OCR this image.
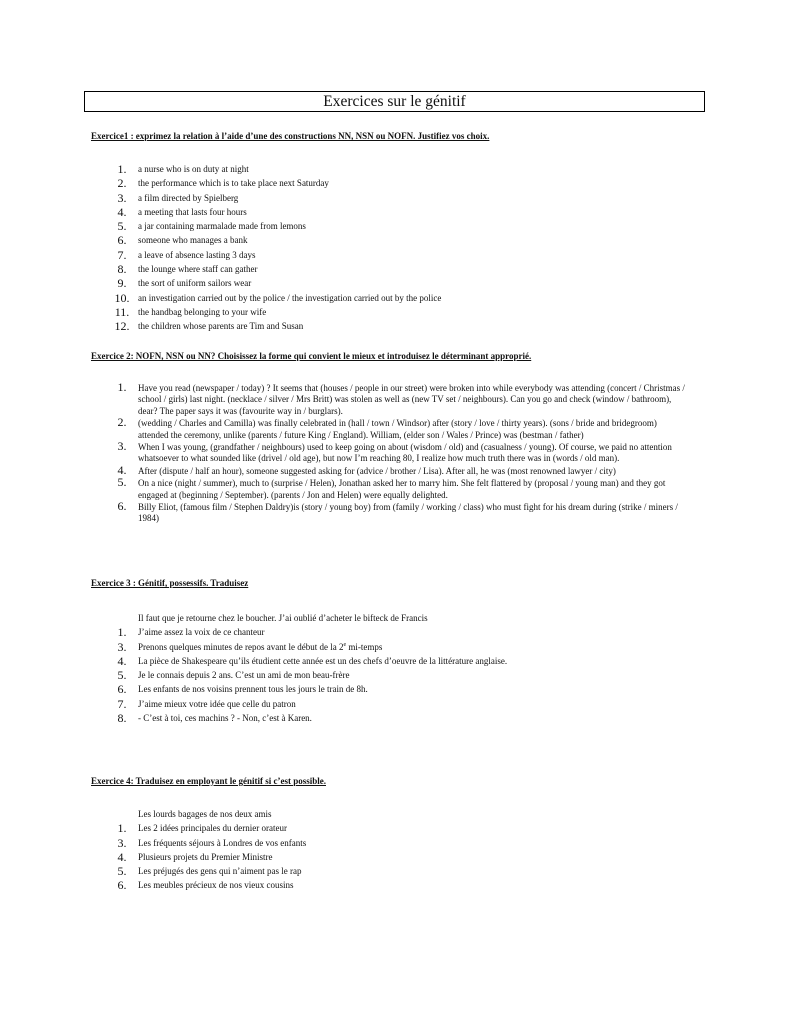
Exercices sur le génitif
Exercice1 : exprimez la relation à l’aide d’une des constructions NN, NSN ou NOFN. Justifiez vos choix.
1.	a nurse who is on duty at night
2.	the performance which is to take place next Saturday
3.	a film directed by Spielberg
4.	a meeting that lasts four hours
5.	a jar containing marmalade made from lemons
6.	someone who manages a bank
7.	a leave of absence lasting 3 days
8.	the lounge where staff can gather
9.	the sort of uniform sailors wear
10. an investigation carried out by the police / the investigation carried out by the police
11. the handbag belonging to your wife
12. the children whose parents are Tim and Susan
Exercice 2: NOFN, NSN ou NN? Choisissez la forme qui convient le mieux et introduisez le déterminant approprié.
1.	Have you read (newspaper / today) ? It seems that (houses / people in our street) were broken into while everybody was attending (concert / Christmas / school / girls) last night. (necklace / silver / Mrs Britt) was stolen as well as (new TV set / neighbours). Can you go and check (window / bathroom), dear? The paper says it was (favourite way in / burglars).
2.	(wedding / Charles and Camilla) was finally celebrated in (hall / town / Windsor) after (story / love / thirty years). (sons / bride and bridegroom) attended the ceremony, unlike (parents / future King / England). William, (elder son / Wales / Prince) was (bestman / father)
3.	When I was young, (grandfather / neighbours) used to keep going on about (wisdom / old) and (casualness / young). Of course, we paid no attention whatsoever to what sounded like (drivel / old age), but now I’m reaching 80, I realize how much truth there was in (words / old man).
4.	After (dispute / half an hour), someone suggested asking for (advice / brother / Lisa). After all, he was (most renowned lawyer / city)
5.	On a nice (night / summer), much to (surprise / Helen), Jonathan asked her to marry him. She felt flattered by (proposal / young man) and they got engaged at (beginning / September). (parents / Jon and Helen) were equally delighted.
6.	Billy Eliot, (famous film / Stephen Daldry)is (story / young boy) from (family / working / class) who must fight for his dream during (strike / miners / 1984)
Exercice 3 : Génitif, possessifs. Traduisez
Il faut que je retourne chez le boucher. J’ai oublié d’acheter le bifteck de Francis
1.	J’aime assez la voix de ce chanteur
3.	Prenons quelques minutes de repos avant le début de la 2e mi-temps
4.	La pièce de Shakespeare qu’ils étudient cette année est un des chefs d’oeuvre de la littérature anglaise.
5.	Je le connais depuis 2 ans. C’est un ami de mon beau-frère
6.	Les enfants de nos voisins prennent tous les jours le train de 8h.
7.	J’aime mieux votre idée que celle du patron
8.	- C’est à toi, ces machins ? - Non, c’est à Karen.
Exercice 4: Traduisez en employant le génitif si c’est possible.
Les lourds bagages de nos deux amis
1.	Les 2 idées principales du dernier orateur
3.	Les fréquents séjours à Londres de vos enfants
4.	Plusieurs projets du Premier Ministre
5.	Les préjugés des gens qui n’aiment pas le rap
6.	Les meubles précieux de nos vieux cousins
